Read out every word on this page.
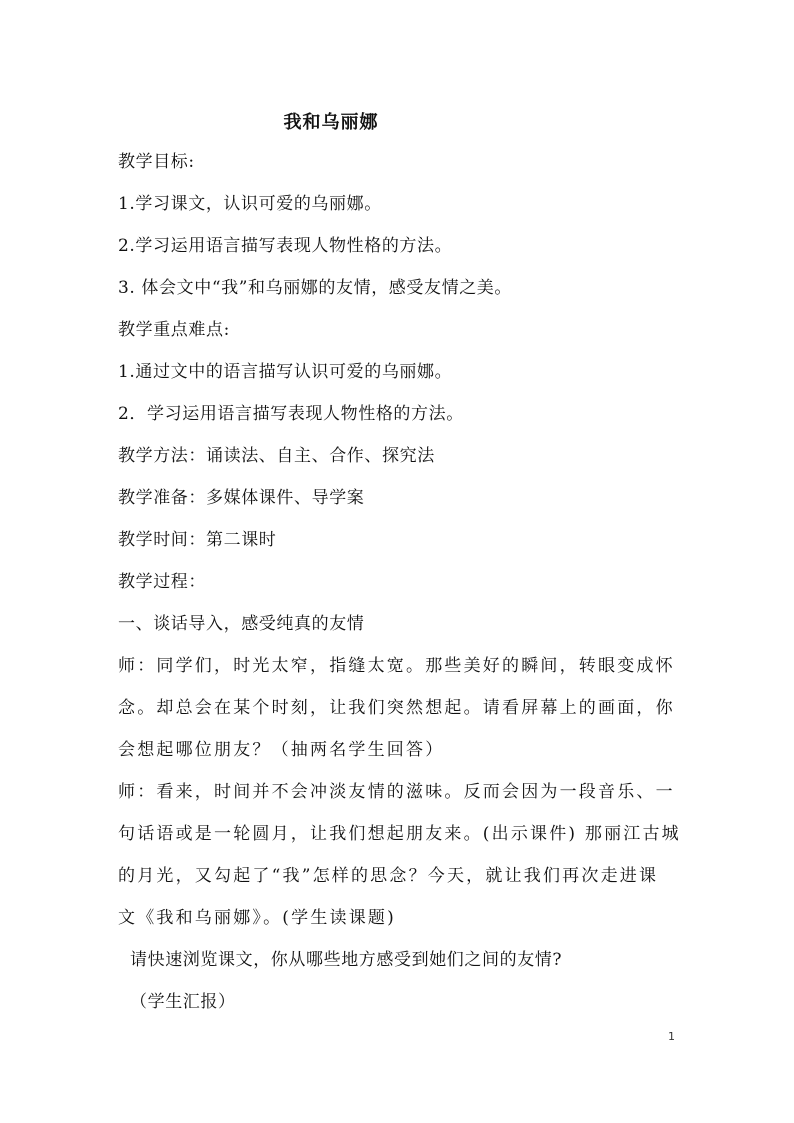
我和乌丽娜
教学目标:
1.学习课文，认识可爱的乌丽娜。
2.学习运用语言描写表现人物性格的方法。
3. 体会文中“我”和乌丽娜的友情，感受友情之美。
教学重点难点:
1.通过文中的语言描写认识可爱的乌丽娜。
2．学习运用语言描写表现人物性格的方法。
教学方法：诵读法、自主、合作、探究法
教学准备：多媒体课件、导学案
教学时间：第二课时
教学过程：
一、谈话导入，感受纯真的友情
师：同学们，时光太窄，指缝太宽。那些美好的瞬间，转眼变成怀
念。却总会在某个时刻，让我们突然想起。请看屏幕上的画面，你
会想起哪位朋友？（抽两名学生回答）
师：看来，时间并不会冲淡友情的滋味。反而会因为一段音乐、一
句话语或是一轮圆月，让我们想起朋友来。(出示课件) 那丽江古城
的月光，又勾起了“我”怎样的思念？今天，就让我们再次走进课
文《我和乌丽娜》。(学生读课题)
请快速浏览课文，你从哪些地方感受到她们之间的友情?
（学生汇报）
1
